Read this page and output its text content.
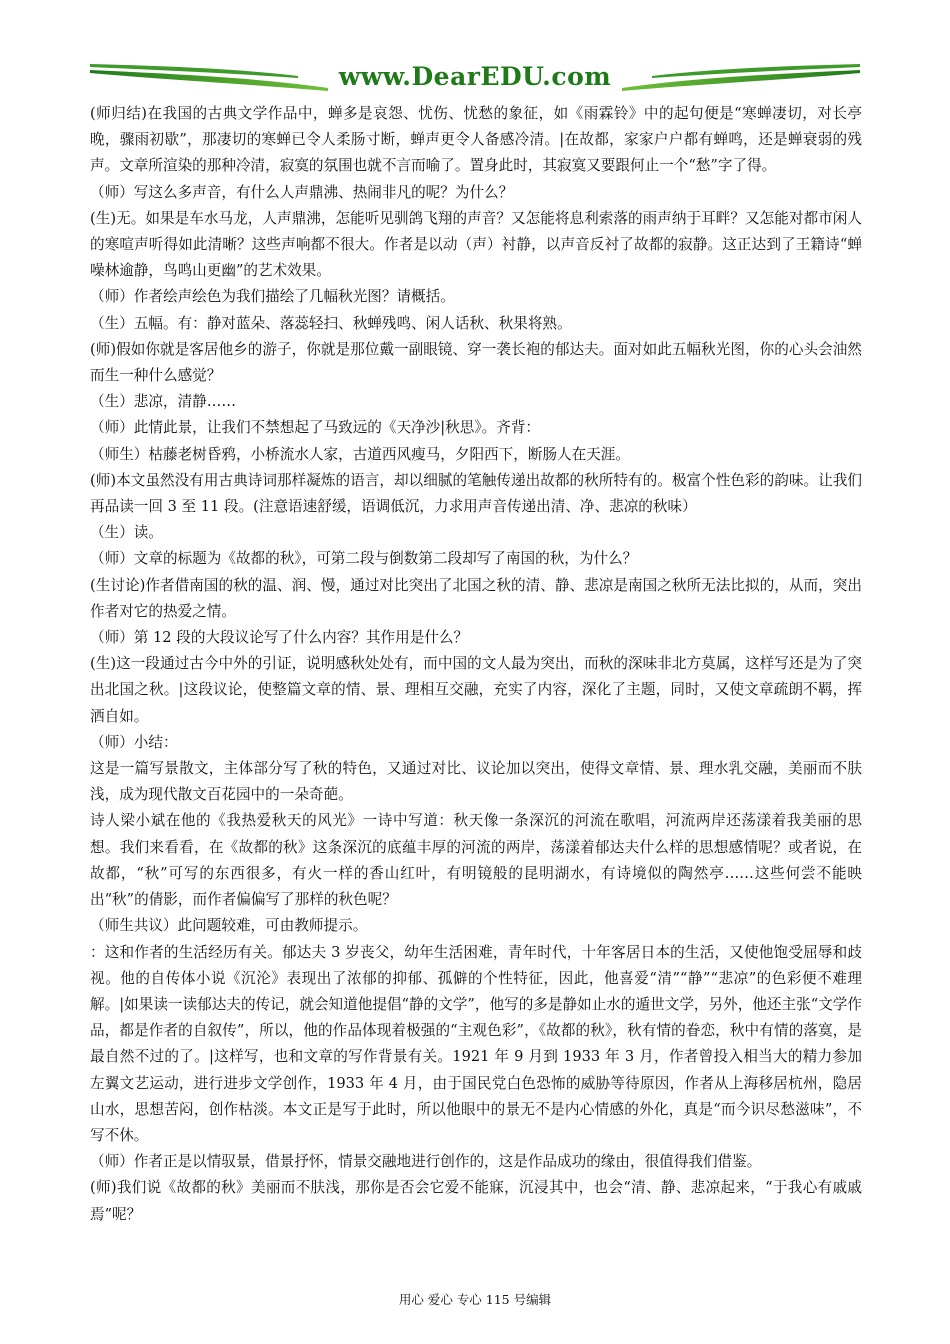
www.DearEDU.com

(师归结)在我国的古典文学作品中，蝉多是哀怨、忧伤、忧愁的象征，如《雨霖铃》中的起句便是“寒蝉凄切，对长亭晚，骤雨初歇”，那凄切的寒蝉已令人柔肠寸断，蝉声更令人备感冷清。|在故都，家家户户都有蝉鸣，还是蝉衰弱的残声。文章所渲染的那种冷清，寂寞的氛围也就不言而喻了。置身此时，其寂寞又要跟何止一个“愁”字了得。

（师）写这么多声音，有什么人声鼎沸、热闹非凡的呢？为什么？

(生)无。如果是车水马龙，人声鼎沸，怎能听见驯鸽飞翔的声音？又怎能将息利索落的雨声纳于耳畔？又怎能对都市闲人的寒喧声听得如此清晰？这些声响都不很大。作者是以动（声）衬静，以声音反衬了故都的寂静。这正达到了王籍诗“蝉噪林逾静，鸟鸣山更幽”的艺术效果。

（师）作者绘声绘色为我们描绘了几幅秋光图？请概括。

（生）五幅。有：静对蓝朵、落蕊轻扫、秋蝉残鸣、闲人话秋、秋果将熟。

(师)假如你就是客居他乡的游子，你就是那位戴一副眼镜、穿一袭长袍的郁达夫。面对如此五幅秋光图，你的心头会油然而生一种什么感觉？

（生）悲凉，清静……

（师）此情此景，让我们不禁想起了马致远的《天净沙|秋思》。齐背：

（师生）枯藤老树昏鸦，小桥流水人家，古道西风瘦马，夕阳西下，断肠人在天涯。

(师)本文虽然没有用古典诗词那样凝炼的语言，却以细腻的笔触传递出故都的秋所特有的。极富个性色彩的韵味。让我们再品读一回 3 至 11 段。(注意语速舒缓，语调低沉，力求用声音传递出清、净、悲凉的秋味）

（生）读。

（师）文章的标题为《故都的秋》，可第二段与倒数第二段却写了南国的秋，为什么？

(生讨论)作者借南国的秋的温、润、慢，通过对比突出了北国之秋的清、静、悲凉是南国之秋所无法比拟的，从而，突出作者对它的热爱之情。

（师）第 12 段的大段议论写了什么内容？其作用是什么？

(生)这一段通过古今中外的引证，说明感秋处处有，而中国的文人最为突出，而秋的深味非北方莫属，这样写还是为了突出北国之秋。|这段议论，使整篇文章的情、景、理相互交融，充实了内容，深化了主题，同时，又使文章疏朗不羁，挥洒自如。

（师）小结：

这是一篇写景散文，主体部分写了秋的特色，又通过对比、议论加以突出，使得文章情、景、理水乳交融，美丽而不肤浅，成为现代散文百花园中的一朵奇葩。

诗人梁小斌在他的《我热爱秋天的风光》一诗中写道：秋天像一条深沉的河流在歌唱，河流两岸还荡漾着我美丽的思想。我们来看看，在《故都的秋》这条深沉的底蕴丰厚的河流的两岸，荡漾着郁达夫什么样的思想感情呢？或者说，在故都，“秋”可写的东西很多，有火一样的香山红叶，有明镜般的昆明湖水，有诗境似的陶然亭……这些何尝不能映出“秋”的倩影，而作者偏偏写了那样的秋色呢？

（师生共议）此问题较难，可由教师提示。

：这和作者的生活经历有关。郁达夫 3 岁丧父，幼年生活困难，青年时代，十年客居日本的生活，又使他饱受屈辱和歧视。他的自传体小说《沉沦》表现出了浓郁的抑郁、孤僻的个性特征，因此，他喜爱“清”“静”“悲凉”的色彩便不难理解。|如果读一读郁达夫的传记，就会知道他提倡“静的文学”，他写的多是静如止水的遁世文学，另外，他还主张“文学作品，都是作者的自叙传”，所以，他的作品体现着极强的“主观色彩”，《故都的秋》，秋有情的眷恋，秋中有情的落寞，是最自然不过的了。|这样写，也和文章的写作背景有关。1921 年 9 月到 1933 年 3 月，作者曾投入相当大的精力参加左翼文艺运动，进行进步文学创作，1933 年 4 月，由于国民党白色恐怖的威胁等待原因，作者从上海移居杭州，隐居山水，思想苦闷，创作枯淡。本文正是写于此时，所以他眼中的景无不是内心情感的外化，真是“而今识尽愁滋味”，不写不休。

（师）作者正是以情驭景，借景抒怀，情景交融地进行创作的，这是作品成功的缘由，很值得我们借鉴。

(师)我们说《故都的秋》美丽而不肤浅，那你是否会它爱不能寐，沉浸其中，也会“清、静、悲凉起来，“于我心有戚戚焉”呢？

用心 爱心 专心 115 号编辑
